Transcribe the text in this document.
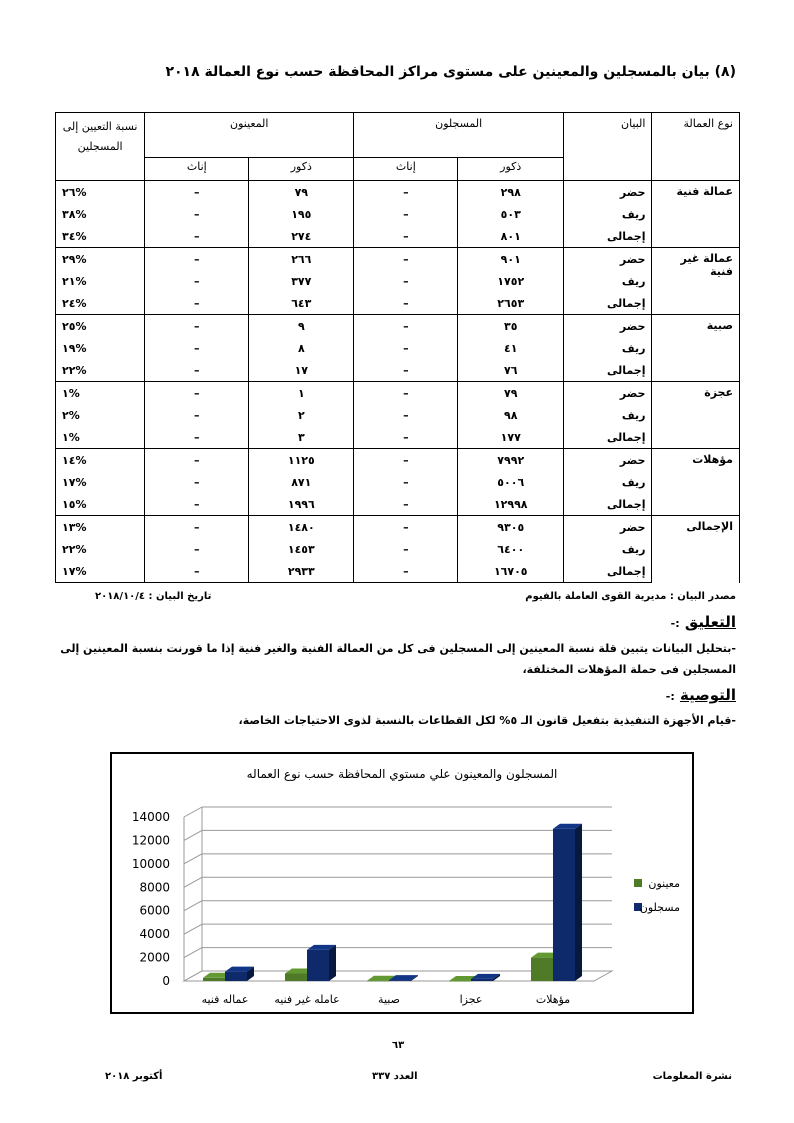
(٨) بيان بالمسجلين والمعينين على مستوى مراكز المحافظة حسب نوع العمالة ٢٠١٨
نوع العمالة	البيان	المسجلون		المعينون		نسبة التعيين إلى المسجلين
		ذكور	إناث	ذكور	إناث	
عمالة فنية	حضر	٢٩٨	–	٧٩	–	%٢٦
	ريف	٥٠٣	–	١٩٥	–	%٣٨
	إجمالى	٨٠١	–	٢٧٤	–	%٣٤
عمالة غير فنية	حضر	٩٠١	–	٢٦٦	–	%٢٩
	ريف	١٧٥٢	–	٣٧٧	–	%٢١
	إجمالى	٢٦٥٣	–	٦٤٣	–	%٢٤
صبية	حضر	٣٥	–	٩	–	%٢٥
	ريف	٤١	–	٨	–	%١٩
	إجمالى	٧٦	–	١٧	–	%٢٢
عجزة	حضر	٧٩	–	١	–	%١
	ريف	٩٨	–	٢	–	%٢
	إجمالى	١٧٧	–	٣	–	%١
مؤهلات	حضر	٧٩٩٢	–	١١٢٥	–	%١٤
	ريف	٥٠٠٦	–	٨٧١	–	%١٧
	إجمالى	١٢٩٩٨	–	١٩٩٦	–	%١٥
الإجمالى	حضر	٩٣٠٥	–	١٤٨٠	–	%١٣
	ريف	٦٤٠٠	–	١٤٥٣	–	%٢٢
	إجمالى	١٦٧٠٥	–	٢٩٣٣	–	%١٧
مصدر البيان : مديرية القوى العاملة بالفيوم
تاريخ البيان : ٢٠١٨/١٠/٤
التعليق :-
-بتحليل البيانات يتبين قلة نسبة المعينين إلى المسجلين فى كل من العمالة الفنية والغير فنية إذا ما قورنت بنسبة المعينين إلى المسجلين فى حملة المؤهلات المختلفة،
التوصية :-
-قيام الأجهزة التنفيذية بتفعيل قانون الـ ٥% لكل القطاعات بالنسبة لذوى الاحتياجات الخاصة،
المسجلون والمعينون علي مستوي المحافظة حسب نوع العماله
0
2000
4000
6000
8000
10000
12000
14000
عماله فنيه عامله غير فنيه	صبية	عجزا	مؤهلات
معينون
مسجلون
٦٣
أكتوبر ٢٠١٨	العدد ٣٣٧	نشرة المعلومات
